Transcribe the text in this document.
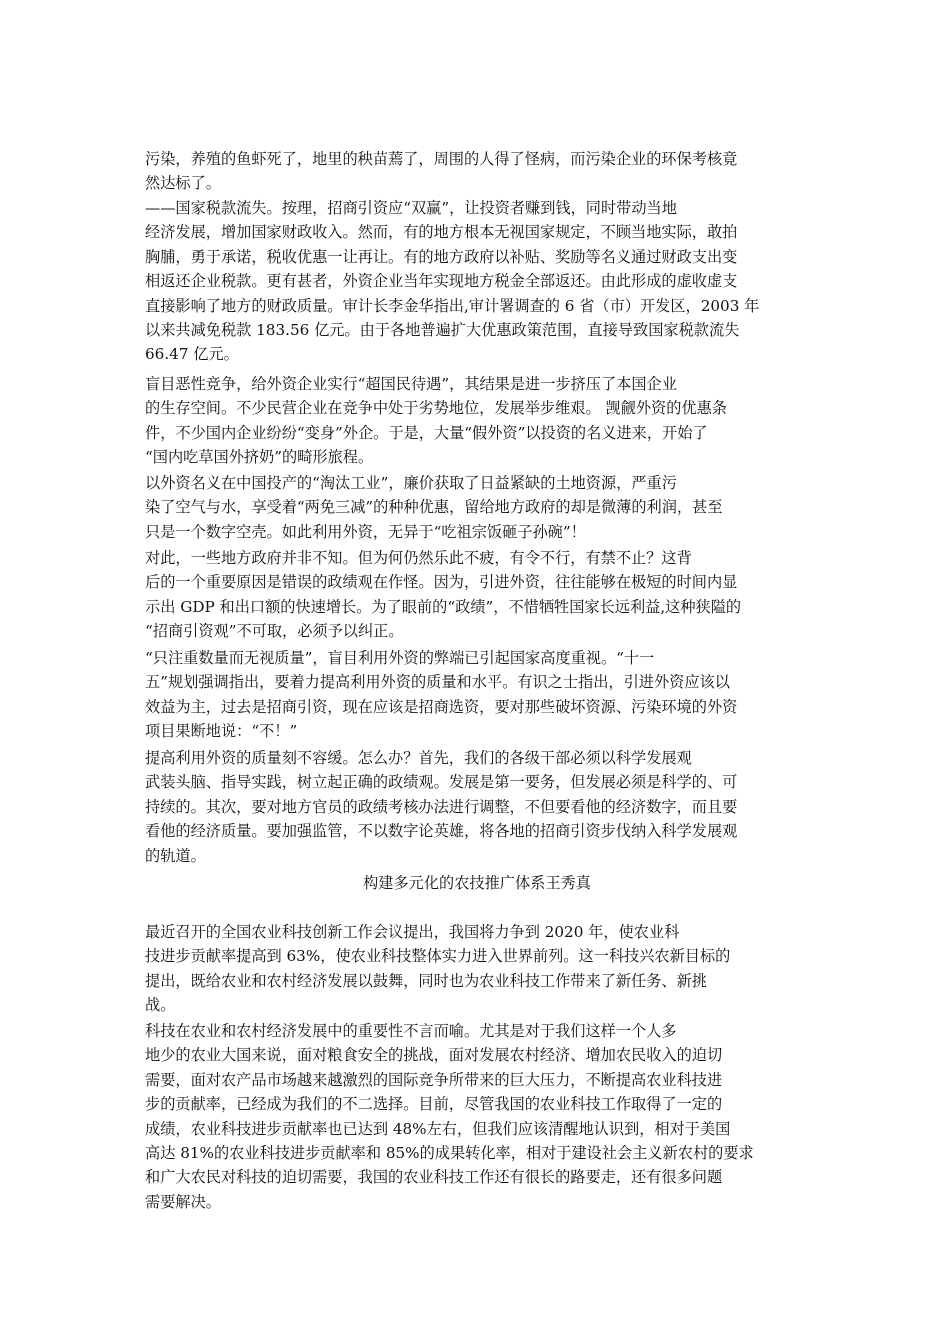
污染，养殖的鱼虾死了，地里的秧苗蔫了，周围的人得了怪病，而污染企业的环保考核竟
然达标了。

——国家税款流失。按理，招商引资应“双赢”，让投资者赚到钱，同时带动当地
经济发展，增加国家财政收入。然而，有的地方根本无视国家规定，不顾当地实际，敢拍
胸脯，勇于承诺，税收优惠一让再让。有的地方政府以补贴、奖励等名义通过财政支出变
相返还企业税款。更有甚者，外资企业当年实现地方税金全部返还。由此形成的虚收虚支
直接影响了地方的财政质量。审计长李金华指出,审计署调查的 6 省（市）开发区，2003 年
以来共减免税款 183.56 亿元。由于各地普遍扩大优惠政策范围，直接导致国家税款流失
66.47 亿元。

盲目恶性竞争，给外资企业实行“超国民待遇”，其结果是进一步挤压了本国企业
的生存空间。不少民营企业在竞争中处于劣势地位，发展举步维艰。 觊觎外资的优惠条
件，不少国内企业纷纷“变身”外企。于是，大量“假外资”以投资的名义进来，开始了
“国内吃草国外挤奶”的畸形旅程。

以外资名义在中国投产的“淘汰工业”，廉价获取了日益紧缺的土地资源，严重污
染了空气与水，享受着“两免三减”的种种优惠，留给地方政府的却是微薄的利润，甚至
只是一个数字空壳。如此利用外资，无异于“吃祖宗饭砸子孙碗”！

对此，一些地方政府并非不知。但为何仍然乐此不疲，有令不行，有禁不止？这背
后的一个重要原因是错误的政绩观在作怪。因为，引进外资，往往能够在极短的时间内显
示出 GDP 和出口额的快速增长。为了眼前的“政绩”，不惜牺牲国家长远利益,这种狭隘的
“招商引资观”不可取，必须予以纠正。

“只注重数量而无视质量”，盲目利用外资的弊端已引起国家高度重视。“十一
五”规划强调指出，要着力提高利用外资的质量和水平。有识之士指出，引进外资应该以
效益为主，过去是招商引资，现在应该是招商选资，要对那些破坏资源、污染环境的外资
项目果断地说：“不！”

提高利用外资的质量刻不容缓。怎么办？首先，我们的各级干部必须以科学发展观
武装头脑、指导实践，树立起正确的政绩观。发展是第一要务，但发展必须是科学的、可
持续的。其次，要对地方官员的政绩考核办法进行调整，不但要看他的经济数字，而且要
看他的经济质量。要加强监管，不以数字论英雄，将各地的招商引资步伐纳入科学发展观
的轨道。

构建多元化的农技推广体系王秀真

最近召开的全国农业科技创新工作会议提出，我国将力争到 2020 年，使农业科
技进步贡献率提高到 63%，使农业科技整体实力进入世界前列。这一科技兴农新目标的
提出，既给农业和农村经济发展以鼓舞，同时也为农业科技工作带来了新任务、新挑
战。

科技在农业和农村经济发展中的重要性不言而喻。尤其是对于我们这样一个人多
地少的农业大国来说，面对粮食安全的挑战，面对发展农村经济、增加农民收入的迫切
需要，面对农产品市场越来越激烈的国际竞争所带来的巨大压力，不断提高农业科技进
步的贡献率，已经成为我们的不二选择。目前，尽管我国的农业科技工作取得了一定的
成绩，农业科技进步贡献率也已达到 48%左右，但我们应该清醒地认识到，相对于美国
高达 81%的农业科技进步贡献率和 85%的成果转化率，相对于建设社会主义新农村的要求
和广大农民对科技的迫切需要，我国的农业科技工作还有很长的路要走，还有很多问题
需要解决。
